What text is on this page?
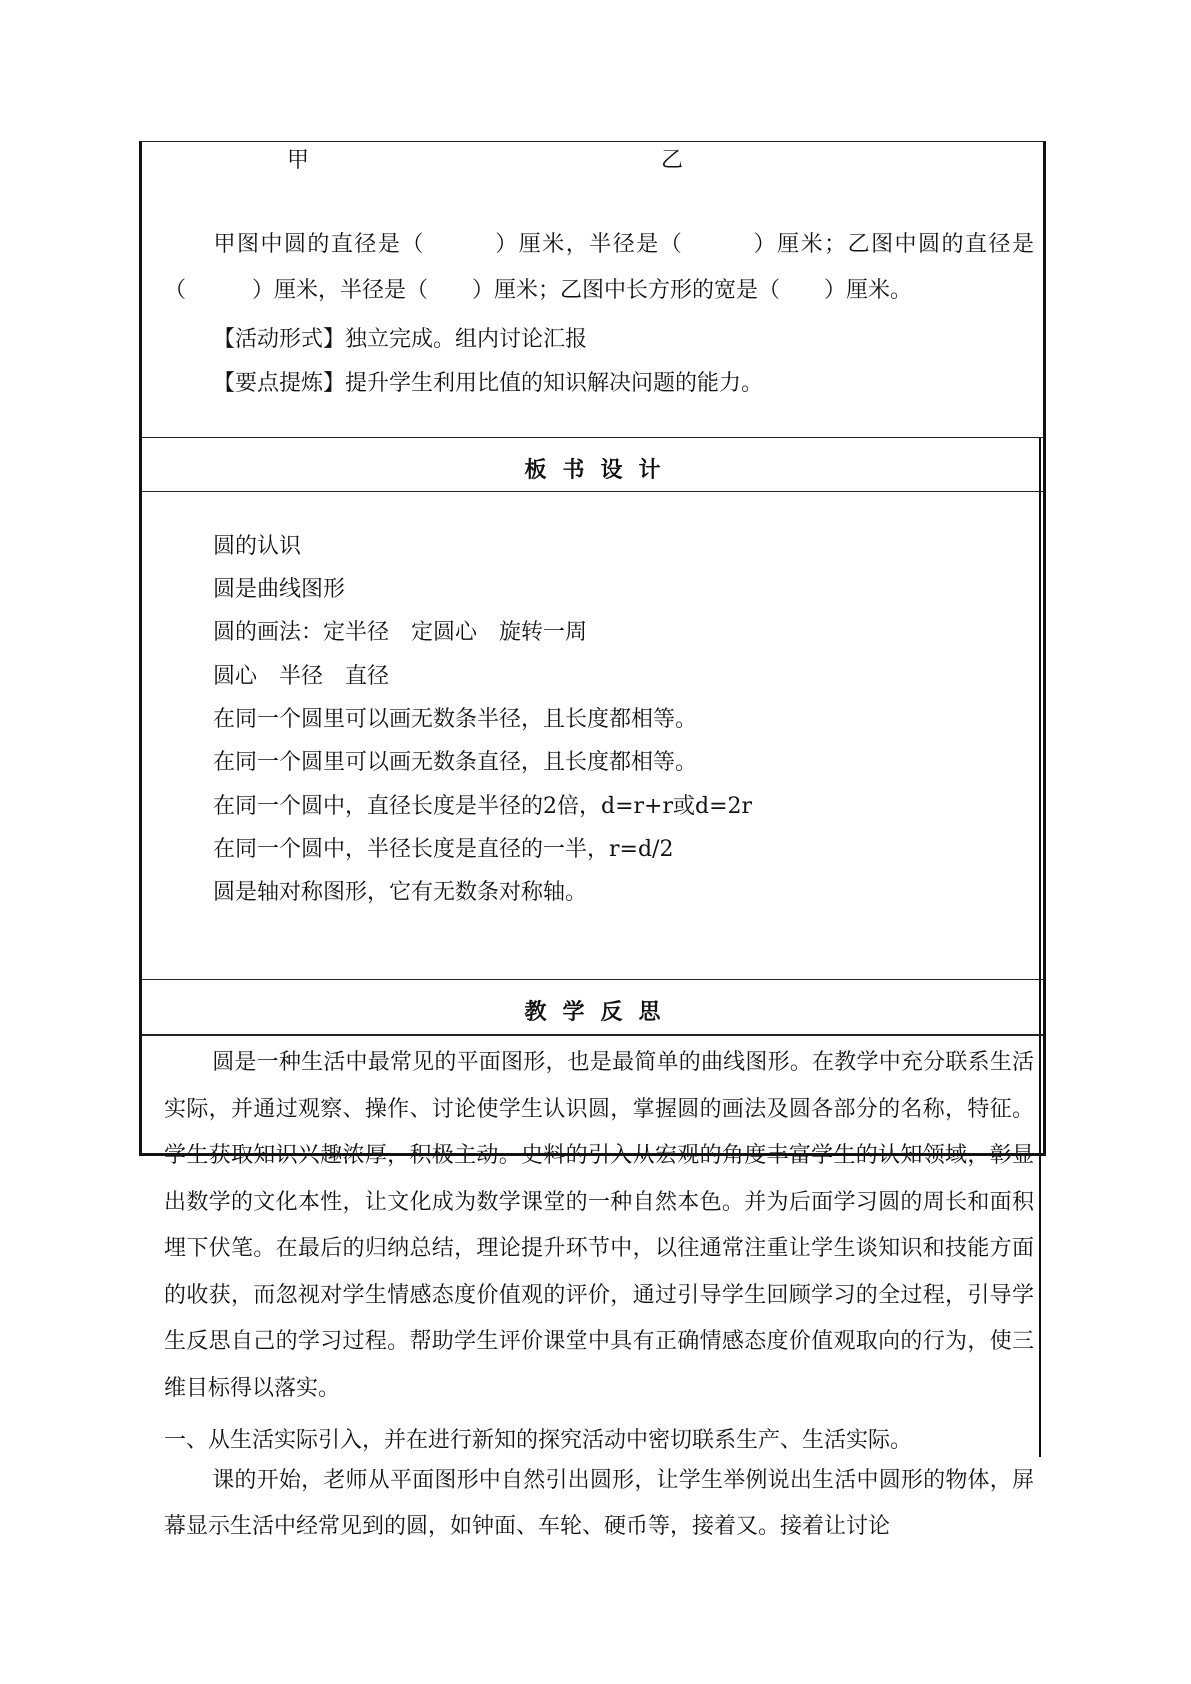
甲	乙
甲图中圆的直径是（　　　）厘米，半径是（　　　）厘米；乙图中圆的直径是（　　　）厘米，半径是（　　）厘米；乙图中长方形的宽是（　　）厘米。
【活动形式】独立完成。组内讨论汇报
【要点提炼】提升学生利用比值的知识解决问题的能力。
板书设计
圆的认识
圆是曲线图形
圆的画法：定半径　定圆心　旋转一周
圆心　半径　直径
在同一个圆里可以画无数条半径，且长度都相等。
在同一个圆里可以画无数条直径，且长度都相等。
在同一个圆中，直径长度是半径的2倍，d=r+r或d=2r
在同一个圆中，半径长度是直径的一半，r=d/2
圆是轴对称图形，它有无数条对称轴。
教学反思
圆是一种生活中最常见的平面图形，也是最简单的曲线图形。在教学中充分联系生活实际，并通过观察、操作、讨论使学生认识圆，掌握圆的画法及圆各部分的名称，特征。学生获取知识兴趣浓厚，积极主动。史料的引入从宏观的角度丰富学生的认知领域，彰显出数学的文化本性，让文化成为数学课堂的一种自然本色。并为后面学习圆的周长和面积埋下伏笔。在最后的归纳总结，理论提升环节中，以往通常注重让学生谈知识和技能方面的收获，而忽视对学生情感态度价值观的评价，通过引导学生回顾学习的全过程，引导学生反思自己的学习过程。帮助学生评价课堂中具有正确情感态度价值观取向的行为，使三维目标得以落实。
一、从生活实际引入，并在进行新知的探究活动中密切联系生产、生活实际。
课的开始，老师从平面图形中自然引出圆形，让学生举例说出生活中圆形的物体，屏幕显示生活中经常见到的圆，如钟面、车轮、硬币等，接着又。接着让讨论
